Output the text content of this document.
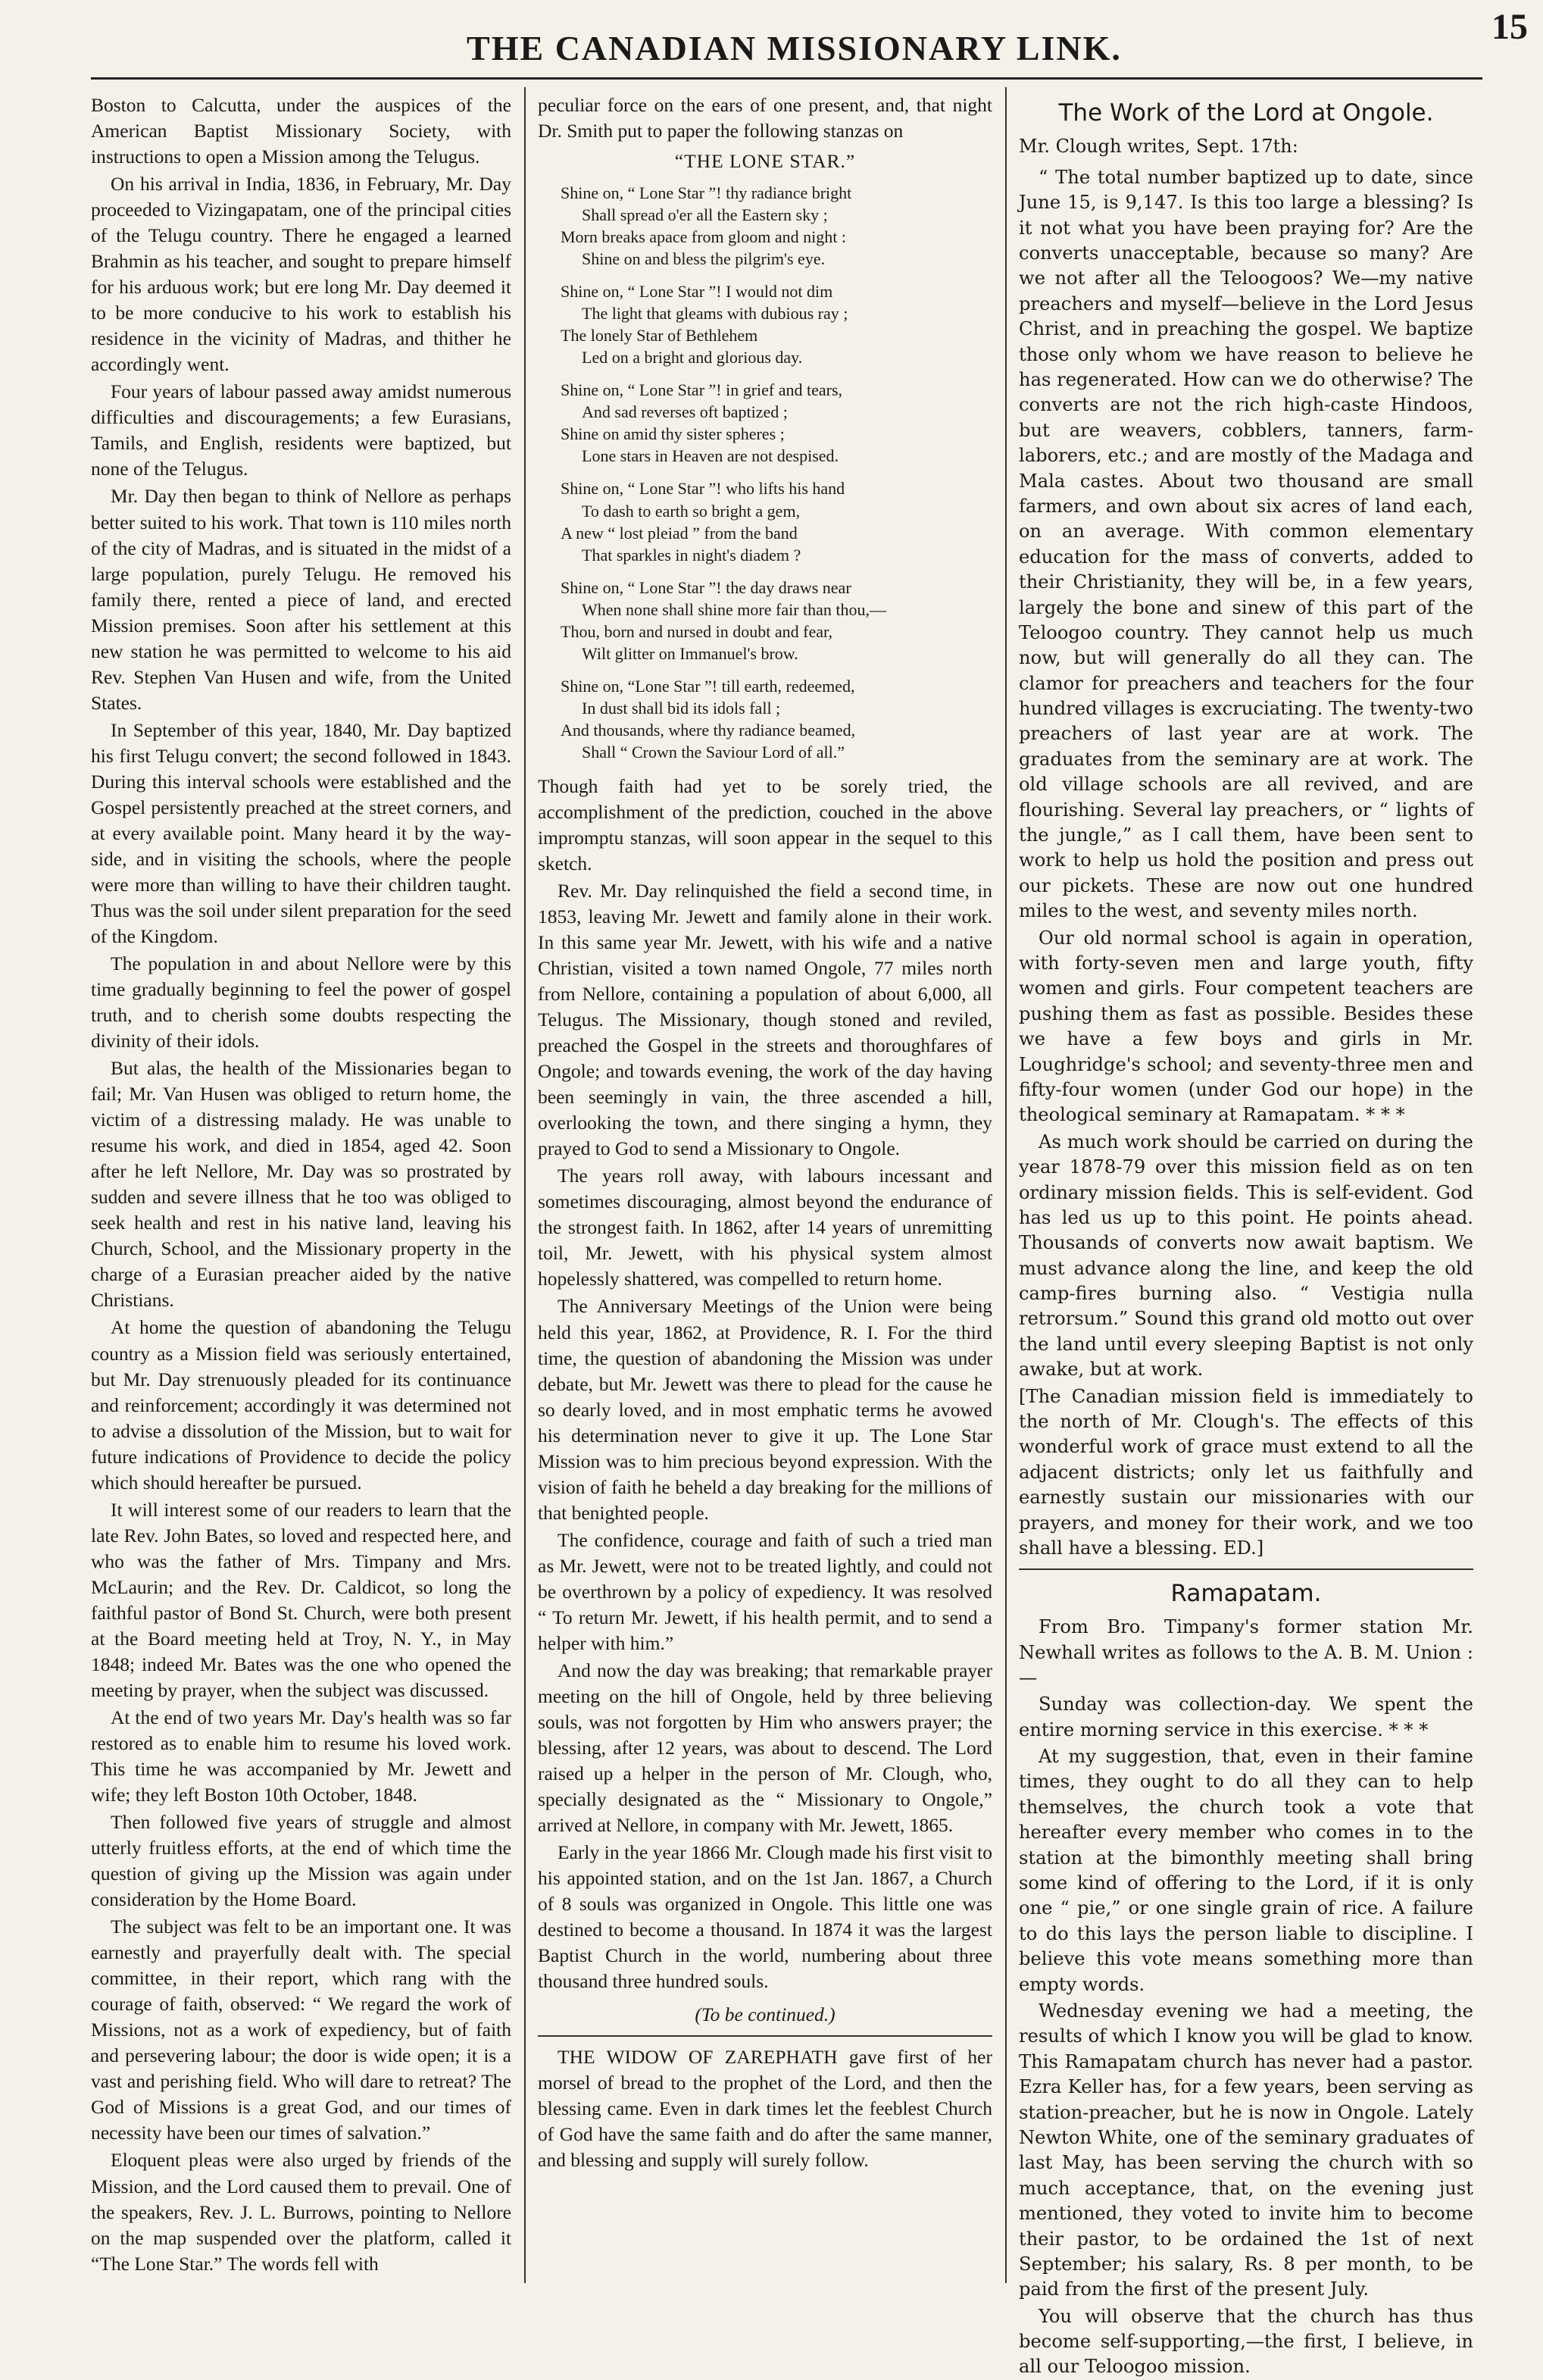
THE CANADIAN MISSIONARY LINK.
15

Boston to Calcutta, under the auspices of the American Baptist Missionary Society, with instructions to open a Mission among the Telugus.

On his arrival in India, 1836, in February, Mr. Day proceeded to Vizingapatam, one of the principal cities of the Telugu country. There he engaged a learned Brahmin as his teacher, and sought to prepare himself for his arduous work; but ere long Mr. Day deemed it to be more conducive to his work to establish his residence in the vicinity of Madras, and thither he accordingly went.

Four years of labour passed away amidst numerous difficulties and discouragements; a few Eurasians, Tamils, and English, residents were baptized, but none of the Telugus.

Mr. Day then began to think of Nellore as perhaps better suited to his work. That town is 110 miles north of the city of Madras, and is situated in the midst of a large population, purely Telugu. He removed his family there, rented a piece of land, and erected Mission premises. Soon after his settlement at this new station he was permitted to welcome to his aid Rev. Stephen Van Husen and wife, from the United States.

In September of this year, 1840, Mr. Day baptized his first Telugu convert; the second followed in 1843. During this interval schools were established and the Gospel persistently preached at the street corners, and at every available point. Many heard it by the way-side, and in visiting the schools, where the people were more than willing to have their children taught. Thus was the soil under silent preparation for the seed of the Kingdom.

The population in and about Nellore were by this time gradually beginning to feel the power of gospel truth, and to cherish some doubts respecting the divinity of their idols.

But alas, the health of the Missionaries began to fail; Mr. Van Husen was obliged to return home, the victim of a distressing malady. He was unable to resume his work, and died in 1854, aged 42. Soon after he left Nellore, Mr. Day was so prostrated by sudden and severe illness that he too was obliged to seek health and rest in his native land, leaving his Church, School, and the Missionary property in the charge of a Eurasian preacher aided by the native Christians.

At home the question of abandoning the Telugu country as a Mission field was seriously entertained, but Mr. Day strenuously pleaded for its continuance and reinforcement; accordingly it was determined not to advise a dissolution of the Mission, but to wait for future indications of Providence to decide the policy which should hereafter be pursued.

It will interest some of our readers to learn that the late Rev. John Bates, so loved and respected here, and who was the father of Mrs. Timpany and Mrs. McLaurin; and the Rev. Dr. Caldicot, so long the faithful pastor of Bond St. Church, were both present at the Board meeting held at Troy, N. Y., in May 1848; indeed Mr. Bates was the one who opened the meeting by prayer, when the subject was discussed.

At the end of two years Mr. Day's health was so far restored as to enable him to resume his loved work. This time he was accompanied by Mr. Jewett and wife; they left Boston 10th October, 1848.

Then followed five years of struggle and almost utterly fruitless efforts, at the end of which time the question of giving up the Mission was again under consideration by the Home Board.

The subject was felt to be an important one. It was earnestly and prayerfully dealt with. The special committee, in their report, which rang with the courage of faith, observed: “ We regard the work of Missions, not as a work of expediency, but of faith and persevering labour; the door is wide open; it is a vast and perishing field. Who will dare to retreat? The God of Missions is a great God, and our times of necessity have been our times of salvation.”

Eloquent pleas were also urged by friends of the Mission, and the Lord caused them to prevail. One of the speakers, Rev. J. L. Burrows, pointing to Nellore on the map suspended over the platform, called it “The Lone Star.” The words fell with

peculiar force on the ears of one present, and, that night Dr. Smith put to paper the following stanzas on

“THE LONE STAR.”
Shine on, “ Lone Star ”! thy radiance bright
Shall spread o'er all the Eastern sky ;
Morn breaks apace from gloom and night :
Shine on and bless the pilgrim's eye.
Shine on, “ Lone Star ”! I would not dim
The light that gleams with dubious ray ;
The lonely Star of Bethlehem
Led on a bright and glorious day.
Shine on, “ Lone Star ”! in grief and tears,
And sad reverses oft baptized ;
Shine on amid thy sister spheres ;
Lone stars in Heaven are not despised.
Shine on, “ Lone Star ”! who lifts his hand
To dash to earth so bright a gem,
A new “ lost pleiad ” from the band
That sparkles in night's diadem ?
Shine on, “ Lone Star ”! the day draws near
When none shall shine more fair than thou,—
Thou, born and nursed in doubt and fear,
Wilt glitter on Immanuel's brow.
Shine on, “Lone Star ”! till earth, redeemed,
In dust shall bid its idols fall ;
And thousands, where thy radiance beamed,
Shall “ Crown the Saviour Lord of all.”

Though faith had yet to be sorely tried, the accomplishment of the prediction, couched in the above impromptu stanzas, will soon appear in the sequel to this sketch.

Rev. Mr. Day relinquished the field a second time, in 1853, leaving Mr. Jewett and family alone in their work. In this same year Mr. Jewett, with his wife and a native Christian, visited a town named Ongole, 77 miles north from Nellore, containing a population of about 6,000, all Telugus. The Missionary, though stoned and reviled, preached the Gospel in the streets and thoroughfares of Ongole; and towards evening, the work of the day having been seemingly in vain, the three ascended a hill, overlooking the town, and there singing a hymn, they prayed to God to send a Missionary to Ongole.

The years roll away, with labours incessant and sometimes discouraging, almost beyond the endurance of the strongest faith. In 1862, after 14 years of unremitting toil, Mr. Jewett, with his physical system almost hopelessly shattered, was compelled to return home.

The Anniversary Meetings of the Union were being held this year, 1862, at Providence, R. I. For the third time, the question of abandoning the Mission was under debate, but Mr. Jewett was there to plead for the cause he so dearly loved, and in most emphatic terms he avowed his determination never to give it up. The Lone Star Mission was to him precious beyond expression. With the vision of faith he beheld a day breaking for the millions of that benighted people.

The confidence, courage and faith of such a tried man as Mr. Jewett, were not to be treated lightly, and could not be overthrown by a policy of expediency. It was resolved “ To return Mr. Jewett, if his health permit, and to send a helper with him.”

And now the day was breaking; that remarkable prayer meeting on the hill of Ongole, held by three believing souls, was not forgotten by Him who answers prayer; the blessing, after 12 years, was about to descend. The Lord raised up a helper in the person of Mr. Clough, who, specially designated as the “ Missionary to Ongole,” arrived at Nellore, in company with Mr. Jewett, 1865.

Early in the year 1866 Mr. Clough made his first visit to his appointed station, and on the 1st Jan. 1867, a Church of 8 souls was organized in Ongole. This little one was destined to become a thousand. In 1874 it was the largest Baptist Church in the world, numbering about three thousand three hundred souls.

(To be continued.)

THE WIDOW OF ZAREPHATH gave first of her morsel of bread to the prophet of the Lord, and then the blessing came. Even in dark times let the feeblest Church of God have the same faith and do after the same manner, and blessing and supply will surely follow.

The Work of the Lord at Ongole.

Mr. Clough writes, Sept. 17th:

“ The total number baptized up to date, since June 15, is 9,147. Is this too large a blessing? Is it not what you have been praying for? Are the converts unacceptable, because so many? Are we not after all the Teloogoos? We—my native preachers and myself—believe in the Lord Jesus Christ, and in preaching the gospel. We baptize those only whom we have reason to believe he has regenerated. How can we do otherwise? The converts are not the rich high-caste Hindoos, but are weavers, cobblers, tanners, farm-laborers, etc.; and are mostly of the Madaga and Mala castes. About two thousand are small farmers, and own about six acres of land each, on an average. With common elementary education for the mass of converts, added to their Christianity, they will be, in a few years, largely the bone and sinew of this part of the Teloogoo country. They cannot help us much now, but will generally do all they can. The clamor for preachers and teachers for the four hundred villages is excruciating. The twenty-two preachers of last year are at work. The graduates from the seminary are at work. The old village schools are all revived, and are flourishing. Several lay preachers, or “ lights of the jungle,” as I call them, have been sent to work to help us hold the position and press out our pickets. These are now out one hundred miles to the west, and seventy miles north.

Our old normal school is again in operation, with forty-seven men and large youth, fifty women and girls. Four competent teachers are pushing them as fast as possible. Besides these we have a few boys and girls in Mr. Loughridge's school; and seventy-three men and fifty-four women (under God our hope) in the theological seminary at Ramapatam. * * *

As much work should be carried on during the year 1878-79 over this mission field as on ten ordinary mission fields. This is self-evident. God has led us up to this point. He points ahead. Thousands of converts now await baptism. We must advance along the line, and keep the old camp-fires burning also. “ Vestigia nulla retrorsum.” Sound this grand old motto out over the land until every sleeping Baptist is not only awake, but at work.

[The Canadian mission field is immediately to the north of Mr. Clough's. The effects of this wonderful work of grace must extend to all the adjacent districts; only let us faithfully and earnestly sustain our missionaries with our prayers, and money for their work, and we too shall have a blessing. ED.]

Ramapatam.

From Bro. Timpany's former station Mr. Newhall writes as follows to the A. B. M. Union :—

Sunday was collection-day. We spent the entire morning service in this exercise. * * *

At my suggestion, that, even in their famine times, they ought to do all they can to help themselves, the church took a vote that hereafter every member who comes in to the station at the bimonthly meeting shall bring some kind of offering to the Lord, if it is only one “ pie,” or one single grain of rice. A failure to do this lays the person liable to discipline. I believe this vote means something more than empty words.

Wednesday evening we had a meeting, the results of which I know you will be glad to know. This Ramapatam church has never had a pastor. Ezra Keller has, for a few years, been serving as station-preacher, but he is now in Ongole. Lately Newton White, one of the seminary graduates of last May, has been serving the church with so much acceptance, that, on the evening just mentioned, they voted to invite him to become their pastor, to be ordained the 1st of next September; his salary, Rs. 8 per month, to be paid from the first of the present July.

You will observe that the church has thus become self-supporting,—the first, I believe, in all our Teloogoo mission.
